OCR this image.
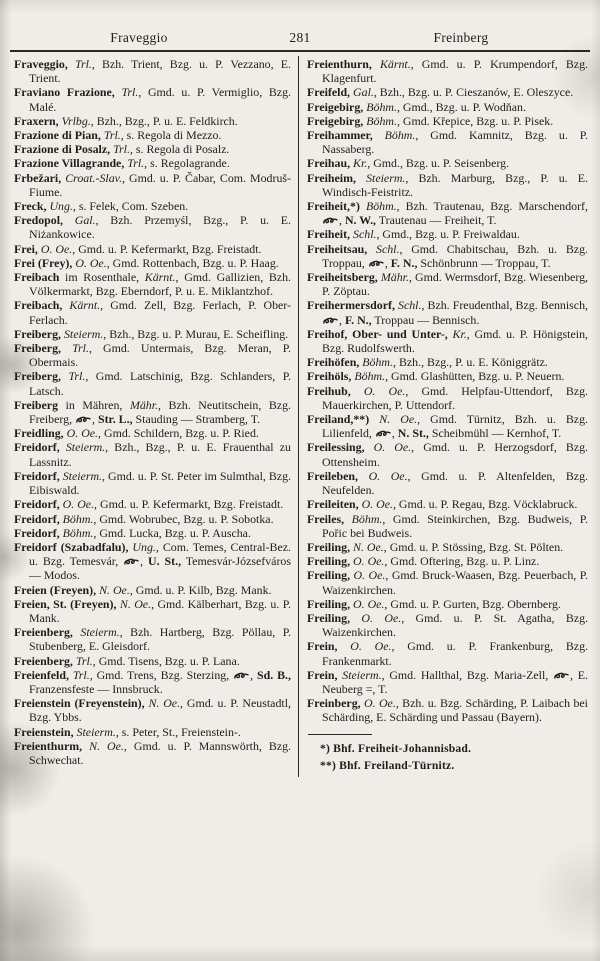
Fraveggio	281	Freinberg

Fraveggio, Trl., Bzh. Trient, Bzg. u. P. Vezzano, E. Trient.

Fraviano Frazione, Trl., Gmd. u. P. Vermiglio, Bzg. Malé.

Fraxern, Vrlbg., Bzh., Bzg., P. u. E. Feldkirch.

Frazione di Pian, Trl., s. Regola di Mezzo.

Frazione di Posalz, Trl., s. Regola di Posalz.

Frazione Villagrande, Trl., s. Regolagrande.

Frbežari, Croat.-Slav., Gmd. u. P. Čabar, Com. Modruš-Fiume.

Freck, Ung., s. Felek, Com. Szeben.

Fredopol, Gal., Bzh. Przemyśl, Bzg., P. u. E. Niżankowice.

Frei, O. Oe., Gmd. u. P. Kefermarkt, Bzg. Freistadt.

Frei (Frey), O. Oe., Gmd. Rottenbach, Bzg. u. P. Haag.

Freibach im Rosenthale, Kärnt., Gmd. Gallizien, Bzh. Völkermarkt, Bzg. Eberndorf, P. u. E. Miklantzhof.

Freibach, Kärnt., Gmd. Zell, Bzg. Ferlach, P. Ober-Ferlach.

Freiberg, Steierm., Bzh., Bzg. u. P. Murau, E. Scheifling.

Freiberg, Trl., Gmd. Untermais, Bzg. Meran, P. Obermais.

Freiberg, Trl., Gmd. Latschinig, Bzg. Schlanders, P. Latsch.

Freiberg in Mähren, Mähr., Bzh. Neutitschein, Bzg. Freiberg, , Str. L., Stauding — Stramberg, T.

Freidling, O. Oe., Gmd. Schildern, Bzg. u. P. Ried.

Freidorf, Steierm., Bzh., Bzg., P. u. E. Frauenthal zu Lassnitz.

Freidorf, Steierm., Gmd. u. P. St. Peter im Sulmthal, Bzg. Eibiswald.

Freidorf, O. Oe., Gmd. u. P. Kefermarkt, Bzg. Freistadt.

Freidorf, Böhm., Gmd. Wobrubec, Bzg. u. P. Sobotka.

Freidorf, Böhm., Gmd. Lucka, Bzg. u. P. Auscha.

Freidorf (Szabadfalu), Ung., Com. Temes, Central-Bez. u. Bzg. Temesvár, , U. St., Temesvár-Józsefváros — Modos.

Freien (Freyen), N. Oe., Gmd. u. P. Kilb, Bzg. Mank.

Freien, St. (Freyen), N. Oe., Gmd. Kälberhart, Bzg. u. P. Mank.

Freienberg, Steierm., Bzh. Hartberg, Bzg. Pöllau, P. Stubenberg, E. Gleisdorf.

Freienberg, Trl., Gmd. Tisens, Bzg. u. P. Lana.

Freienfeld, Trl., Gmd. Trens, Bzg. Sterzing, , Sd. B., Franzensfeste — Innsbruck.

Freienstein (Freyenstein), N. Oe., Gmd. u. P. Neustadtl, Bzg. Ybbs.

Freienstein, Steierm., s. Peter, St., Freienstein-.

Freienthurm, N. Oe., Gmd. u. P. Mannswörth, Bzg. Schwechat.

Freienthurn, Kärnt., Gmd. u. P. Krumpendorf, Bzg. Klagenfurt.

Freifeld, Gal., Bzh., Bzg. u. P. Cieszanów, E. Oleszyce.

Freigebirg, Böhm., Gmd., Bzg. u. P. Wodňan.

Freigebirg, Böhm., Gmd. Křepice, Bzg. u. P. Pisek.

Freihammer, Böhm., Gmd. Kamnitz, Bzg. u. P. Nassaberg.

Freihau, Kr., Gmd., Bzg. u. P. Seisenberg.

Freiheim, Steierm., Bzh. Marburg, Bzg., P. u. E. Windisch-Feistritz.

Freiheit,*) Böhm., Bzh. Trautenau, Bzg. Marschendorf, , N. W., Trautenau — Freiheit, T.

Freiheit, Schl., Gmd., Bzg. u. P. Freiwaldau.

Freiheitsau, Schl., Gmd. Chabitschau, Bzh. u. Bzg. Troppau, , F. N., Schönbrunn — Troppau, T.

Freiheitsberg, Mähr., Gmd. Wermsdorf, Bzg. Wiesenberg, P. Zöptau.

Freihermersdorf, Schl., Bzh. Freudenthal, Bzg. Bennisch, , F. N., Troppau — Bennisch.

Freihof, Ober- und Unter-, Kr., Gmd. u. P. Hönigstein, Bzg. Rudolfswerth.

Freihöfen, Böhm., Bzh., Bzg., P. u. E. Königgrätz.

Freihöls, Böhm., Gmd. Glashütten, Bzg. u. P. Neuern.

Freihub, O. Oe., Gmd. Helpfau-Uttendorf, Bzg. Mauerkirchen, P. Uttendorf.

Freiland,**) N. Oe., Gmd. Türnitz, Bzh. u. Bzg. Lilienfeld, , N. St., Scheibmühl — Kernhof, T.

Freilessing, O. Oe., Gmd. u. P. Herzogsdorf, Bzg. Ottensheim.

Freileben, O. Oe., Gmd. u. P. Altenfelden, Bzg. Neufelden.

Freileiten, O. Oe., Gmd. u. P. Regau, Bzg. Vöcklabruck.

Freiles, Böhm., Gmd. Steinkirchen, Bzg. Budweis, P. Pořic bei Budweis.

Freiling, N. Oe., Gmd. u. P. Stössing, Bzg. St. Pölten.

Freiling, O. Oe., Gmd. Oftering, Bzg. u. P. Linz.

Freiling, O. Oe., Gmd. Bruck-Waasen, Bzg. Peuerbach, P. Waizenkirchen.

Freiling, O. Oe., Gmd. u. P. Gurten, Bzg. Obernberg.

Freiling, O. Oe., Gmd. u. P. St. Agatha, Bzg. Waizenkirchen.

Frein, O. Oe., Gmd. u. P. Frankenburg, Bzg. Frankenmarkt.

Frein, Steierm., Gmd. Hallthal, Bzg. Maria-Zell, , E. Neuberg =, T.

Freinberg, O. Oe., Bzh. u. Bzg. Schärding, P. Laibach bei Schärding, E. Schärding und Passau (Bayern).

*) Bhf. Freiheit-Johannisbad.

**) Bhf. Freiland-Türnitz.
